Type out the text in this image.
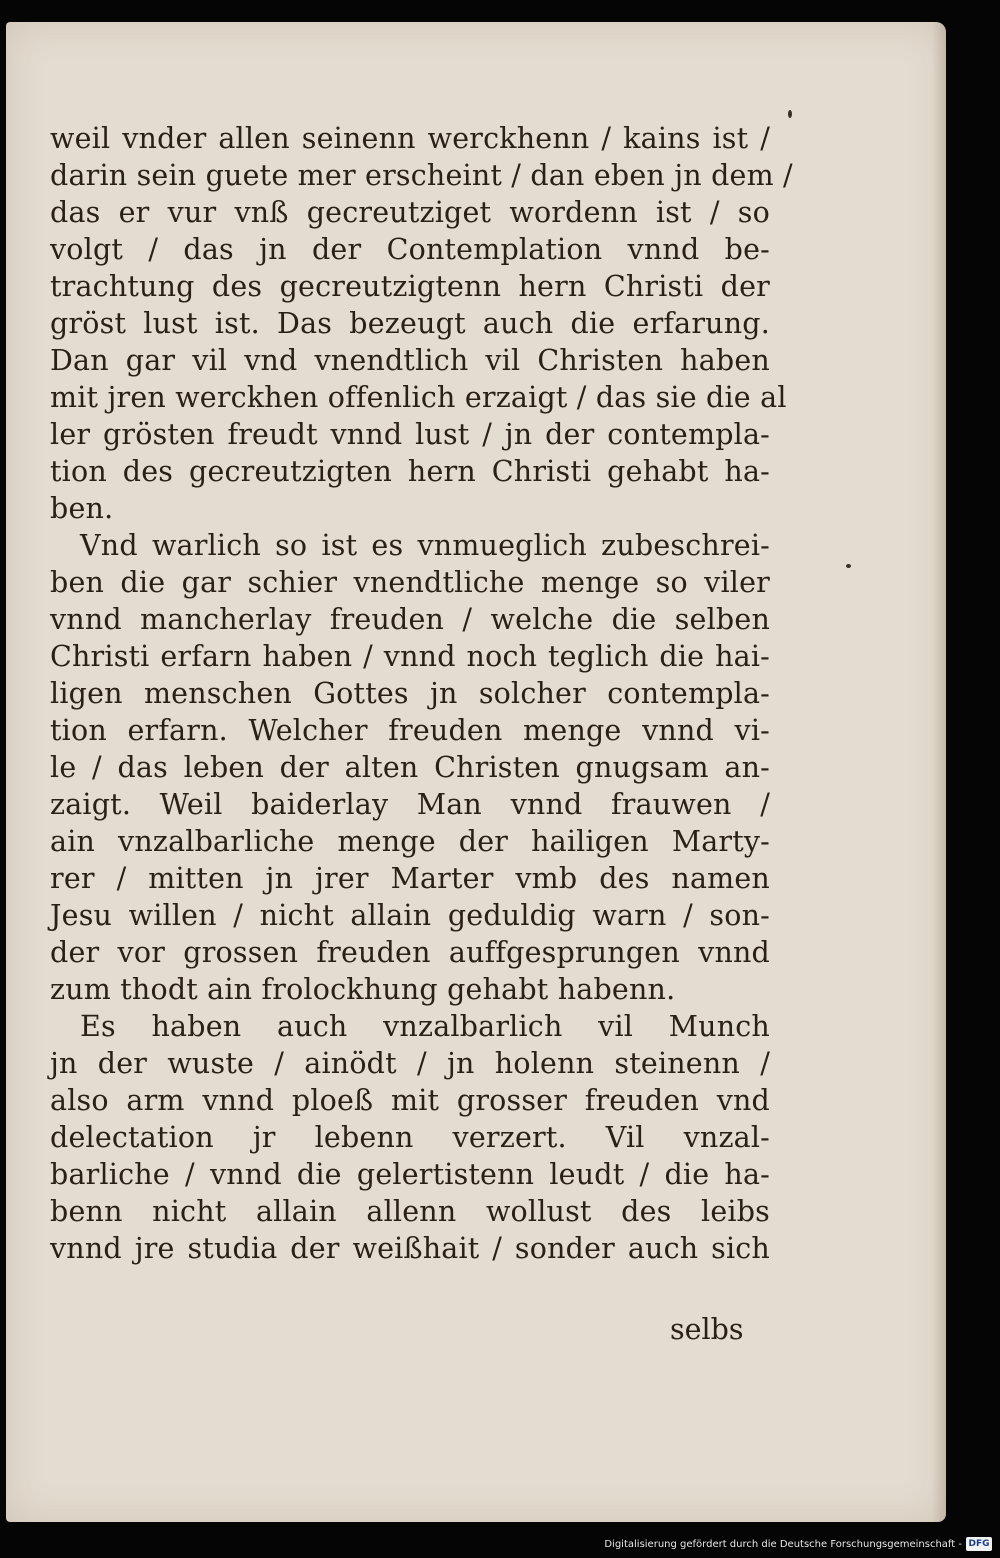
weil vnder allen seinenn werckhenn / kains ist /
darin sein guete mer erscheint / dan eben jn dem /
das er vur vnß gecreutziget wordenn ist / so
volgt / das jn der Contemplation vnnd be-
trachtung des gecreutzigtenn hern Christi der
gröst lust ist. Das bezeugt auch die erfarung.
Dan gar vil vnd vnendtlich vil Christen haben
mit jren werckhen offenlich erzaigt / das sie die al
ler grösten freudt vnnd lust / jn der contempla-
tion des gecreutzigten hern Christi gehabt ha-
ben.
Vnd warlich so ist es vnmueglich zubeschrei-
ben die gar schier vnendtliche menge so viler
vnnd mancherlay freuden / welche die selben
Christi erfarn haben / vnnd noch teglich die hai-
ligen menschen Gottes jn solcher contempla-
tion erfarn. Welcher freuden menge vnnd vi-
le / das leben der alten Christen gnugsam an-
zaigt. Weil baiderlay Man vnnd frauwen /
ain vnzalbarliche menge der hailigen Marty-
rer / mitten jn jrer Marter vmb des namen
Jesu willen / nicht allain geduldig warn / son-
der vor grossen freuden auffgesprungen vnnd
zum thodt ain frolockhung gehabt habenn.
Es haben auch vnzalbarlich vil Munch
jn der wuste / ainödt / jn holenn steinenn /
also arm vnnd ploeß mit grosser freuden vnd
delectation jr lebenn verzert. Vil vnzal-
barliche / vnnd die gelertistenn leudt / die ha-
benn nicht allain allenn wollust des leibs
vnnd jre studia der weißhait / sonder auch sich
selbs
Digitalisierung gefördert durch die Deutsche Forschungsgemeinschaft - DFG
